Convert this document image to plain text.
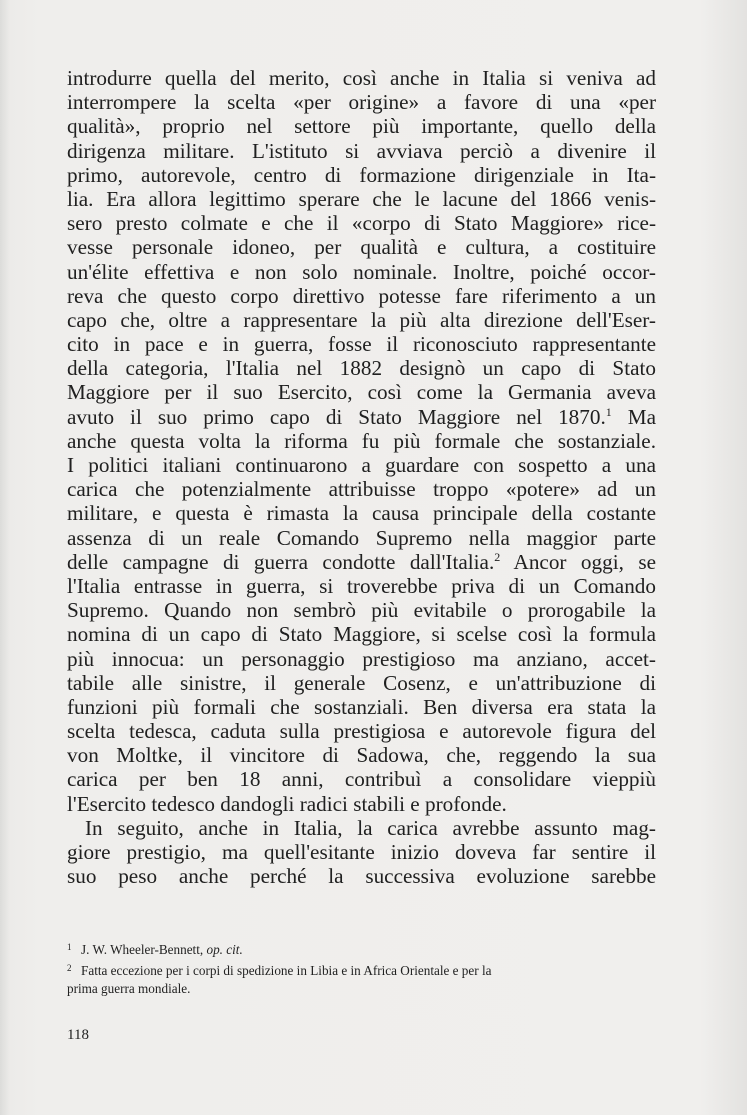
introdurre quella del merito, così anche in Italia si veniva ad
interrompere la scelta «per origine» a favore di una «per
qualità», proprio nel settore più importante, quello della
dirigenza militare. L'istituto si avviava perciò a divenire il
primo, autorevole, centro di formazione dirigenziale in Ita-
lia. Era allora legittimo sperare che le lacune del 1866 venis-
sero presto colmate e che il «corpo di Stato Maggiore» rice-
vesse personale idoneo, per qualità e cultura, a costituire
un'élite effettiva e non solo nominale. Inoltre, poiché occor-
reva che questo corpo direttivo potesse fare riferimento a un
capo che, oltre a rappresentare la più alta direzione dell'Eser-
cito in pace e in guerra, fosse il riconosciuto rappresentante
della categoria, l'Italia nel 1882 designò un capo di Stato
Maggiore per il suo Esercito, così come la Germania aveva
avuto il suo primo capo di Stato Maggiore nel 1870.$^1$ Ma
anche questa volta la riforma fu più formale che sostanziale.
I politici italiani continuarono a guardare con sospetto a una
carica che potenzialmente attribuisse troppo «potere» ad un
militare, e questa è rimasta la causa principale della costante
assenza di un reale Comando Supremo nella maggior parte
delle campagne di guerra condotte dall'Italia.$^2$ Ancor oggi, se
l'Italia entrasse in guerra, si troverebbe priva di un Comando
Supremo. Quando non sembrò più evitabile o prorogabile la
nomina di un capo di Stato Maggiore, si scelse così la formula
più innocua: un personaggio prestigioso ma anziano, accet-
tabile alle sinistre, il generale Cosenz, e un'attribuzione di
funzioni più formali che sostanziali. Ben diversa era stata la
scelta tedesca, caduta sulla prestigiosa e autorevole figura del
von Moltke, il vincitore di Sadowa, che, reggendo la sua
carica per ben 18 anni, contribuì a consolidare vieppiù
l'Esercito tedesco dandogli radici stabili e profonde.
In seguito, anche in Italia, la carica avrebbe assunto mag-
giore prestigio, ma quell'esitante inizio doveva far sentire il
suo peso anche perché la successiva evoluzione sarebbe
1 J. W. Wheeler-Bennett, op. cit.
2 Fatta eccezione per i corpi di spedizione in Libia e in Africa Orientale e per la
prima guerra mondiale.
118
